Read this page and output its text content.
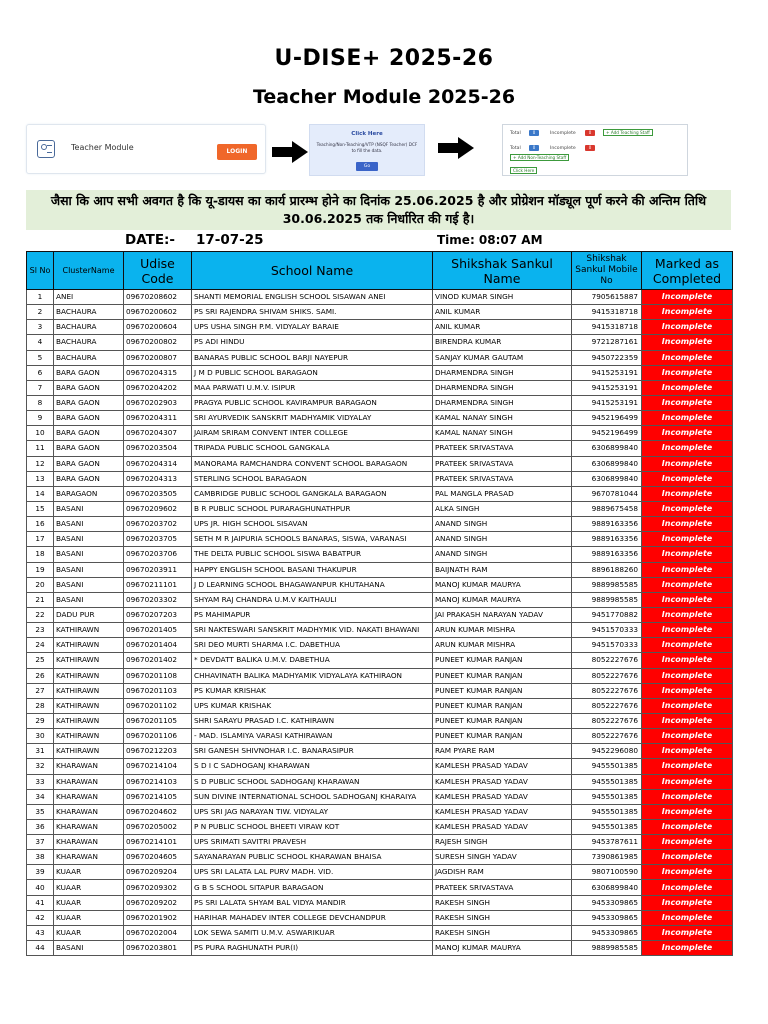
U-DISE+ 2025-26
Teacher Module 2025-26
Teacher Module	LOGIN
Click Here
Teaching/Non-Teaching/VTP (NSQF Teacher) DCF to fill the data.
Go
Total	0	Incomplete	0	+ Add Teaching Staff
Total	0	Incomplete	0
+ Add Non-Teaching Staff
Click Here
जैसा कि आप सभी अवगत है कि यू-डायस का कार्य प्रारम्भ होने का दिनांक 25.06.2025 है और प्रोग्रेशन मॉड्यूल पूर्ण करने की अन्तिम तिथि 30.06.2025 तक निर्धारित की गई है।
DATE:- 17-07-25	Time: 08:07 AM
Sl No	ClusterName	Udise Code	School Name	Shikshak Sankul Name	Shikshak Sankul Mobile No	Marked as Completed
1	ANEI	09670208602	SHANTI MEMORIAL ENGLISH SCHOOL SISAWAN ANEI	VINOD KUMAR SINGH	7905615887	Incomplete
2	BACHAURA	09670200602	PS SRI RAJENDRA SHIVAM SHIKS. SAMI.	ANIL KUMAR	9415318718	Incomplete
3	BACHAURA	09670200604	UPS USHA SINGH P.M. VIDYALAY BARAIE	ANIL KUMAR	9415318718	Incomplete
4	BACHAURA	09670200802	PS ADI HINDU	BIRENDRA KUMAR	9721287161	Incomplete
5	BACHAURA	09670200807	BANARAS PUBLIC SCHOOL BARJI NAYEPUR	SANJAY KUMAR GAUTAM	9450722359	Incomplete
6	BARA GAON	09670204315	J M D PUBLIC SCHOOL BARAGAON	DHARMENDRA SINGH	9415253191	Incomplete
7	BARA GAON	09670204202	MAA PARWATI U.M.V. ISIPUR	DHARMENDRA SINGH	9415253191	Incomplete
8	BARA GAON	09670202903	PRAGYA PUBLIC SCHOOL KAVIRAMPUR BARAGAON	DHARMENDRA SINGH	9415253191	Incomplete
9	BARA GAON	09670204311	SRI AYURVEDIK SANSKRIT MADHYAMIK VIDYALAY	KAMAL NANAY SINGH	9452196499	Incomplete
10	BARA GAON	09670204307	JAIRAM SRIRAM CONVENT INTER COLLEGE	KAMAL NANAY SINGH	9452196499	Incomplete
11	BARA GAON	09670203504	TRIPADA PUBLIC SCHOOL GANGKALA	PRATEEK SRIVASTAVA	6306899840	Incomplete
12	BARA GAON	09670204314	MANORAMA RAMCHANDRA CONVENT SCHOOL BARAGAON	PRATEEK SRIVASTAVA	6306899840	Incomplete
13	BARA GAON	09670204313	STERLING SCHOOL BARAGAON	PRATEEK SRIVASTAVA	6306899840	Incomplete
14	BARAGAON	09670203505	CAMBRIDGE PUBLIC SCHOOL GANGKALA BARAGAON	PAL MANGLA PRASAD	9670781044	Incomplete
15	BASANI	09670209602	B R PUBLIC SCHOOL PURARAGHUNATHPUR	ALKA SINGH	9889675458	Incomplete
16	BASANI	09670203702	UPS JR. HIGH SCHOOL SISAVAN	ANAND SINGH	9889163356	Incomplete
17	BASANI	09670203705	SETH M R JAIPURIA SCHOOLS BANARAS, SISWA, VARANASI	ANAND SINGH	9889163356	Incomplete
18	BASANI	09670203706	THE DELTA PUBLIC SCHOOL SISWA BABATPUR	ANAND SINGH	9889163356	Incomplete
19	BASANI	09670203911	HAPPY ENGLISH SCHOOL BASANI THAKUPUR	BAIJNATH RAM	8896188260	Incomplete
20	BASANI	09670211101	J D LEARNING SCHOOL BHAGAWANPUR KHUTAHANA	MANOJ KUMAR MAURYA	9889985585	Incomplete
21	BASANI	09670203302	SHYAM RAJ CHANDRA U.M.V KAITHAULI	MANOJ KUMAR MAURYA	9889985585	Incomplete
22	DADU PUR	09670207203	PS MAHIMAPUR	JAI PRAKASH NARAYAN YADAV	9451770882	Incomplete
23	KATHIRAWN	09670201405	SRI NAKTESWARI SANSKRIT MADHYMIK VID. NAKATI BHAWANI	ARUN KUMAR MISHRA	9451570333	Incomplete
24	KATHIRAWN	09670201404	SRI DEO MURTI SHARMA I.C. DABETHUA	ARUN KUMAR MISHRA	9451570333	Incomplete
25	KATHIRAWN	09670201402	* DEVDATT BALIKA U.M.V. DABETHUA	PUNEET KUMAR RANJAN	8052227676	Incomplete
26	KATHIRAWN	09670201108	CHHAVINATH BALIKA MADHYAMIK VIDYALAYA KATHIRAON	PUNEET KUMAR RANJAN	8052227676	Incomplete
27	KATHIRAWN	09670201103	PS KUMAR KRISHAK	PUNEET KUMAR RANJAN	8052227676	Incomplete
28	KATHIRAWN	09670201102	UPS KUMAR KRISHAK	PUNEET KUMAR RANJAN	8052227676	Incomplete
29	KATHIRAWN	09670201105	SHRI SARAYU PRASAD I.C. KATHIRAWN	PUNEET KUMAR RANJAN	8052227676	Incomplete
30	KATHIRAWN	09670201106	- MAD. ISLAMIYA VARASI KATHIRAWAN	PUNEET KUMAR RANJAN	8052227676	Incomplete
31	KATHIRAWN	09670212203	SRI GANESH SHIVNOHAR I.C. BANARASIPUR	RAM PYARE RAM	9452296080	Incomplete
32	KHARAWAN	09670214104	S D I C SADHOGANJ KHARAWAN	KAMLESH PRASAD YADAV	9455501385	Incomplete
33	KHARAWAN	09670214103	S D PUBLIC SCHOOL SADHOGANJ KHARAWAN	KAMLESH PRASAD YADAV	9455501385	Incomplete
34	KHARAWAN	09670214105	SUN DIVINE INTERNATIONAL SCHOOL SADHOGANJ KHARAIYA	KAMLESH PRASAD YADAV	9455501385	Incomplete
35	KHARAWAN	09670204602	UPS SRI JAG NARAYAN TIW. VIDYALAY	KAMLESH PRASAD YADAV	9455501385	Incomplete
36	KHARAWAN	09670205002	P N PUBLIC SCHOOL BHEETI VIRAW KOT	KAMLESH PRASAD YADAV	9455501385	Incomplete
37	KHARAWAN	09670214101	UPS SRIMATI SAVITRI PRAVESH	RAJESH SINGH	9453787611	Incomplete
38	KHARAWAN	09670204605	SAYANARAYAN PUBLIC SCHOOL KHARAWAN BHAISA	SURESH SINGH YADAV	7390861985	Incomplete
39	KUAAR	09670209204	UPS SRI LALATA LAL PURV MADH. VID.	JAGDISH RAM	9807100590	Incomplete
40	KUAAR	09670209302	G B S SCHOOL SITAPUR BARAGAON	PRATEEK SRIVASTAVA	6306899840	Incomplete
41	KUAAR	09670209202	PS SRI LALATA SHYAM BAL VIDYA MANDIR	RAKESH SINGH	9453309865	Incomplete
42	KUAAR	09670201902	HARIHAR MAHADEV INTER COLLEGE DEVCHANDPUR	RAKESH SINGH	9453309865	Incomplete
43	KUAAR	09670202004	LOK SEWA SAMITI U.M.V. ASWARIKUAR	RAKESH SINGH	9453309865	Incomplete
44	BASANI	09670203801	PS PURA RAGHUNATH PUR(I)	MANOJ KUMAR MAURYA	9889985585	Incomplete
